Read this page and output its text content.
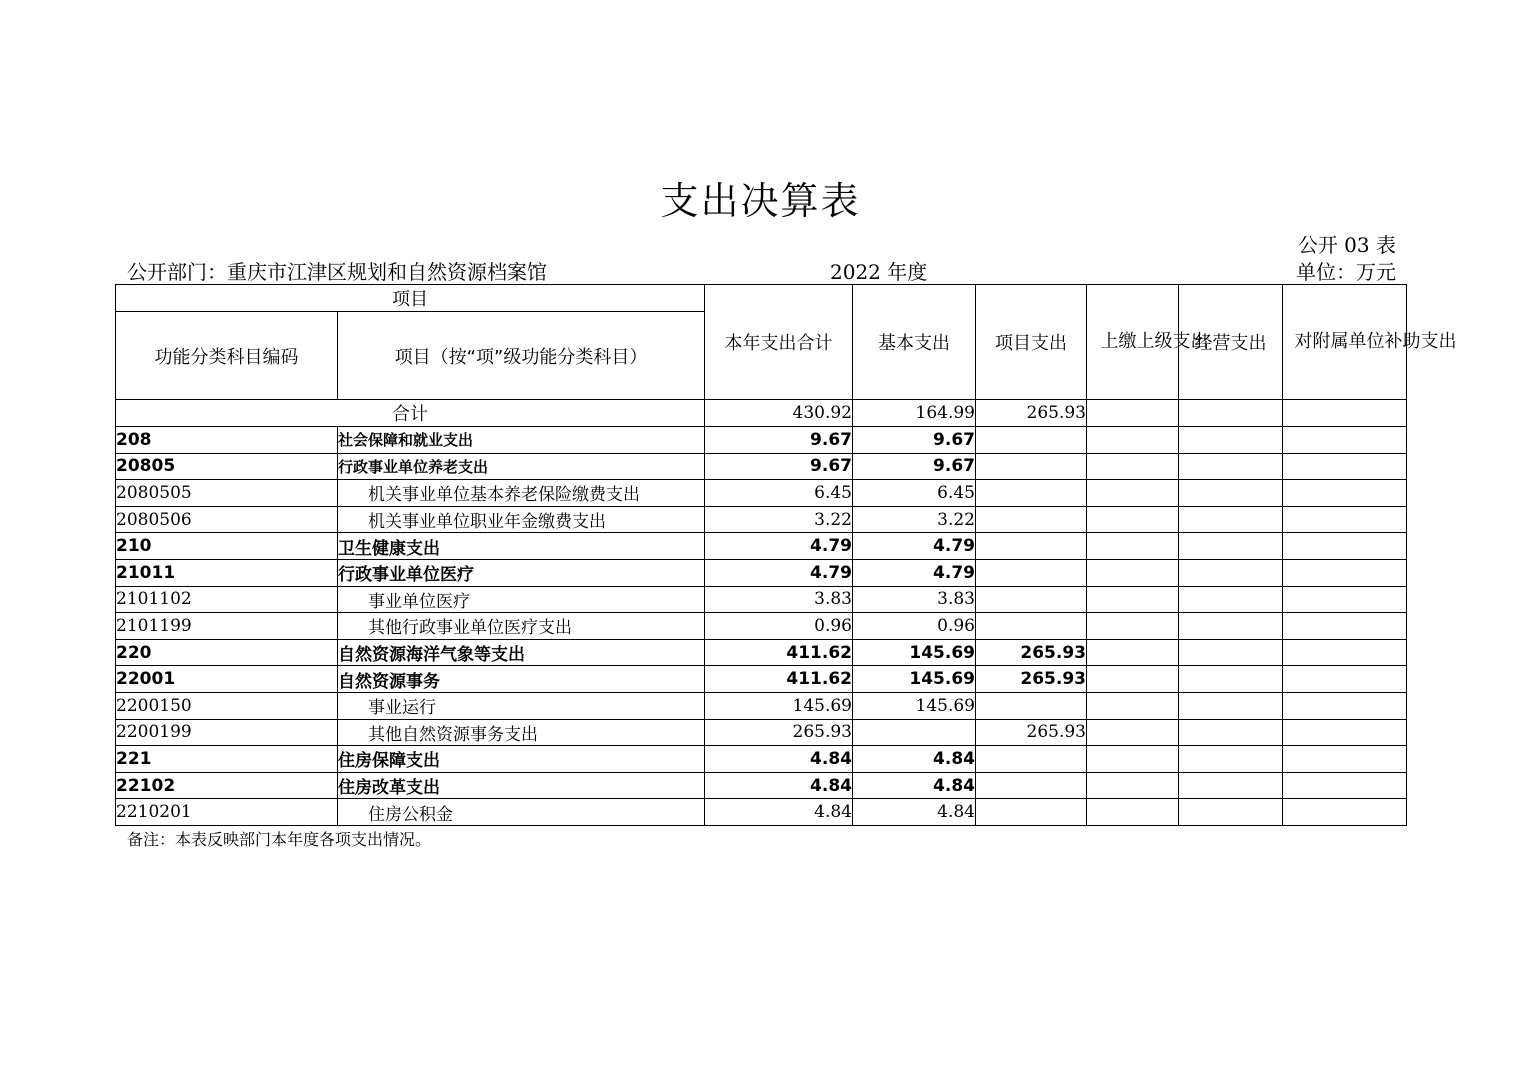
支出决算表
公开 03 表
公开部门：重庆市江津区规划和自然资源档案馆	2022 年度	单位：万元
项目		本年支出合计	基本支出	项目支出	上缴上级支出	经营支出	对附属单位补助支出
功能分类科目编码	项目（按“项”级功能分类科目）						
合计		430.92	164.99	265.93			
208	社会保障和就业支出	9.67	9.67				
20805	行政事业单位养老支出	9.67	9.67				
2080505	机关事业单位基本养老保险缴费支出	6.45	6.45				
2080506	机关事业单位职业年金缴费支出	3.22	3.22				
210	卫生健康支出	4.79	4.79				
21011	行政事业单位医疗	4.79	4.79				
2101102	事业单位医疗	3.83	3.83				
2101199	其他行政事业单位医疗支出	0.96	0.96				
220	自然资源海洋气象等支出	411.62	145.69	265.93			
22001	自然资源事务	411.62	145.69	265.93			
2200150	事业运行	145.69	145.69				
2200199	其他自然资源事务支出	265.93		265.93			
221	住房保障支出	4.84	4.84				
22102	住房改革支出	4.84	4.84				
2210201	住房公积金	4.84	4.84				
备注：本表反映部门本年度各项支出情况。
